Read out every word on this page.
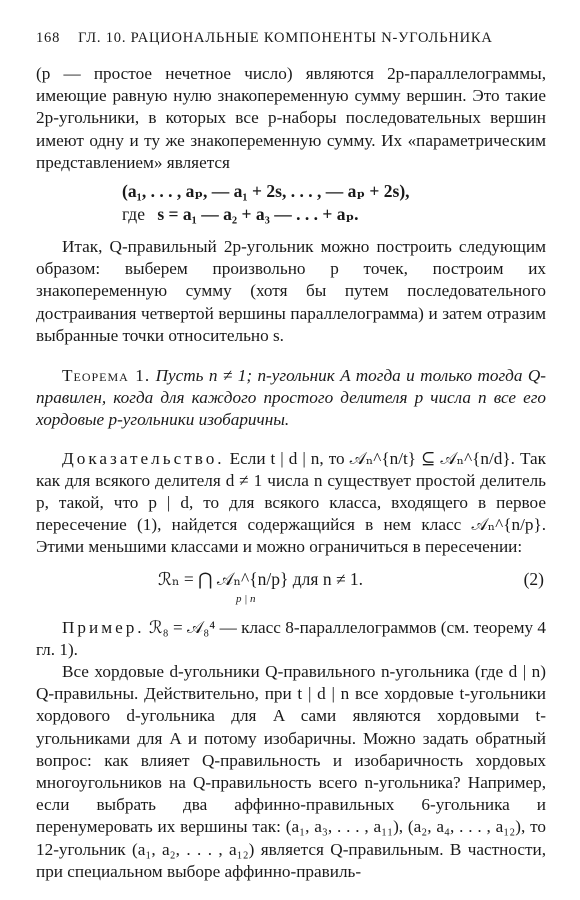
168 ГЛ. 10. РАЦИОНАЛЬНЫЕ КОМПОНЕНТЫ N-УГОЛЬНИКА

(p — простое нечетное число) являются 2p-параллелограммы, имеющие равную нулю знакопеременную сумму вершин. Это такие 2p-угольники, в которых все p-наборы последовательных вершин имеют одну и ту же знакопеременную сумму. Их «параметрическим представлением» является

(a₁, . . . , aₚ, — a₁ + 2s, . . . , — aₚ + 2s),
где s = a₁ — a₂ + a₃ — . . . + aₚ.

Итак, Q-правильный 2p-угольник можно построить следующим образом: выберем произвольно p точек, построим их знакопеременную сумму (хотя бы путем последовательного достраивания четвертой вершины параллелограмма) и затем отразим выбранные точки относительно s.

Теорема 1. Пусть n ≠ 1; n-угольник A тогда и только тогда Q-правилен, когда для каждого простого делителя p числа n все его хордовые p-угольники изобаричны.

Доказательство. Если t | d | n, то 𝒜ₙ^{n/t} ⊆ 𝒜ₙ^{n/d}. Так как для всякого делителя d ≠ 1 числа n существует простой делитель p, такой, что p | d, то для всякого класса, входящего в первое пересечение (1), найдется содержащийся в нем класс 𝒜ₙ^{n/p}. Этими меньшими классами и можно ограничиться в пересечении:

ℛₙ = ⋂ 𝒜ₙ^{n/p} для n ≠ 1.
p | n
(2)

Пример. ℛ₈ = 𝒜₈⁴ — класс 8-параллелограммов (см. теорему 4 гл. 1).

Все хордовые d-угольники Q-правильного n-угольника (где d | n) Q-правильны. Действительно, при t | d | n все хордовые t-угольники хордового d-угольника для A сами являются хордовыми t-угольниками для A и потому изобаричны. Можно задать обратный вопрос: как влияет Q-правильность и изобаричность хордовых многоугольников на Q-правильность всего n-угольника? Например, если выбрать два аффинно-правильных 6-угольника и перенумеровать их вершины так: (a₁, a₃, . . . , a₁₁), (a₂, a₄, . . . , a₁₂), то 12-угольник (a₁, a₂, . . . , a₁₂) является Q-правильным. В частности, при специальном выборе аффинно-правиль-
